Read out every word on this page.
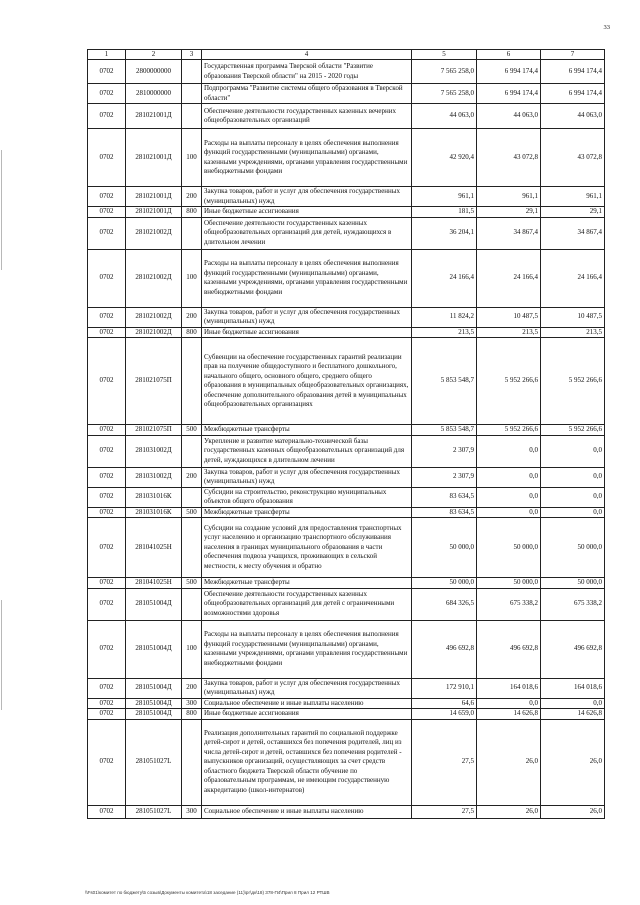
33
1	2	3	4	5	6	7
0702	2800000000		Государственная программа Тверской области "Развитие образования Тверской области" на 2015 - 2020 годы	7 565 258,0	6 994 174,4	6 994 174,4
0702	2810000000		Подпрограмма "Развитие системы общего образования в Тверской области"	7 565 258,0	6 994 174,4	6 994 174,4
0702	281021001Д		Обеспечение деятельности государственных казенных вечерних общеобразовательных организаций	44 063,0	44 063,0	44 063,0
0702	281021001Д	100	Расходы на выплаты персоналу в целях обеспечения выполнения функций государственными (муниципальными) органами, казенными учреждениями, органами управления государственными внебюджетными фондами	42 920,4	43 072,8	43 072,8
0702	281021001Д	200	Закупка товаров, работ и услуг для обеспечения государственных (муниципальных) нужд	961,1	961,1	961,1
0702	281021001Д	800	Иные бюджетные ассигнования	181,5	29,1	29,1
0702	281021002Д		Обеспечение деятельности государственных казенных общеобразовательных организаций для детей, нуждающихся в длительном лечении	36 204,1	34 867,4	34 867,4
0702	281021002Д	100	Расходы на выплаты персоналу в целях обеспечения выполнения функций государственными (муниципальными) органами, казенными учреждениями, органами управления государственными внебюджетными фондами	24 166,4	24 166,4	24 166,4
0702	281021002Д	200	Закупка товаров, работ и услуг для обеспечения государственных (муниципальных) нужд	11 824,2	10 487,5	10 487,5
0702	281021002Д	800	Иные бюджетные ассигнования	213,5	213,5	213,5
0702	281021075П		Субвенции на обеспечение государственных гарантий реализации прав на получение общедоступного и бесплатного дошкольного, начального общего, основного общего, среднего общего образования в муниципальных общеобразовательных организациях, обеспечение дополнительного образования детей в муниципальных общеобразовательных организациях	5 853 548,7	5 952 266,6	5 952 266,6
0702	281021075П	500	Межбюджетные трансферты	5 853 548,7	5 952 266,6	5 952 266,6
0702	281031002Д		Укрепление и развитие материально-технической базы государственных казенных общеобразовательных организаций для детей, нуждающихся в длительном лечении	2 307,9	0,0	0,0
0702	281031002Д	200	Закупка товаров, работ и услуг для обеспечения государственных (муниципальных) нужд	2 307,9	0,0	0,0
0702	281031016К		Субсидии на строительство, реконструкцию муниципальных объектов общего образования	83 634,5	0,0	0,0
0702	281031016К	500	Межбюджетные трансферты	83 634,5	0,0	0,0
0702	281041025Н		Субсидии на создание условий для предоставления транспортных услуг населению и организацию транспортного обслуживания населения в границах муниципального образования в части обеспечения подвоза учащихся, проживающих в сельской местности, к месту обучения и обратно	50 000,0	50 000,0	50 000,0
0702	281041025Н	500	Межбюджетные трансферты	50 000,0	50 000,0	50 000,0
0702	281051004Д		Обеспечение деятельности государственных казенных общеобразовательных организаций для детей с ограниченными возможностями здоровья	684 326,5	675 338,2	675 338,2
0702	281051004Д	100	Расходы на выплаты персоналу в целях обеспечения выполнения функций государственными (муниципальными) органами, казенными учреждениями, органами управления государственными внебюджетными фондами	496 692,8	496 692,8	496 692,8
0702	281051004Д	200	Закупка товаров, работ и услуг для обеспечения государственных (муниципальных) нужд	172 910,1	164 018,6	164 018,6
0702	281051004Д	300	Социальное обеспечение и иные выплаты населению	64,6	0,0	0,0
0702	281051004Д	800	Иные бюджетные ассигнования	14 659,0	14 626,8	14 626,8
0702	281051027L		Реализация дополнительных гарантий по социальной поддержке детей-сирот и детей, оставшихся без попечения родителей, лиц из числа детей-сирот и детей, оставшихся без попечения родителей - выпускников организаций, осуществляющих за счет средств областного бюджета Тверской области обучение по образовательным программам, не имеющим государственную аккредитацию (школ-интернатов)	27,5	26,0	26,0
0702	281051027L	300	Социальное обеспечение и иные выплаты населению	27,5	26,0	26,0
\\Fs01\комитет по бюджету\5 созыв\Документы комитета\18 заседание (11)\рг\дк\18) 378-П4\Прил 8 Прил 12 РТШВ
